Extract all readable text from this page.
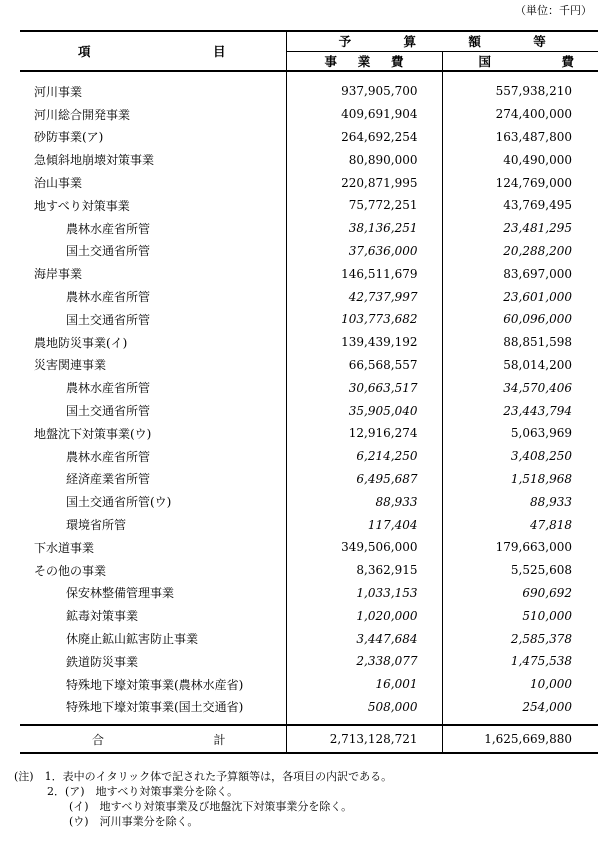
（単位：千円）
項 目	予 算 額 等	

	事 業 費	国 費

河川事業	937,905,700	557,938,210
河川総合開発事業	409,691,904	274,400,000
砂防事業(ア)	264,692,254	163,487,800
急傾斜地崩壊対策事業	80,890,000	40,490,000
治山事業	220,871,995	124,769,000
地すべり対策事業	75,772,251	43,769,495
農林水産省所管	38,136,251	23,481,295
国土交通省所管	37,636,000	20,288,200
海岸事業	146,511,679	83,697,000
農林水産省所管	42,737,997	23,601,000
国土交通省所管	103,773,682	60,096,000
農地防災事業(イ)	139,439,192	88,851,598
災害関連事業	66,568,557	58,014,200
農林水産省所管	30,663,517	34,570,406
国土交通省所管	35,905,040	23,443,794
地盤沈下対策事業(ウ)	12,916,274	5,063,969
農林水産省所管	6,214,250	3,408,250
経済産業省所管	6,495,687	1,518,968
国土交通省所管(ウ)	88,933	88,933
環境省所管	117,404	47,818
下水道事業	349,506,000	179,663,000
その他の事業	8,362,915	5,525,608
保安林整備管理事業	1,033,153	690,692
鉱毒対策事業	1,020,000	510,000
休廃止鉱山鉱害防止事業	3,447,684	2,585,378
鉄道防災事業	2,338,077	1,475,538
特殊地下壕対策事業(農林水産省)	16,001	10,000
特殊地下壕対策事業(国土交通省)	508,000	254,000

合 計	2,713,128,721	1,625,669,880
(注)　1．表中のイタリック体で記された予算額等は，各項目の内訳である。
　　　2．(ア)　地すべり対策事業分を除く。
　　　　　(イ)　地すべり対策事業及び地盤沈下対策事業分を除く。
　　　　　(ウ)　河川事業分を除く。
